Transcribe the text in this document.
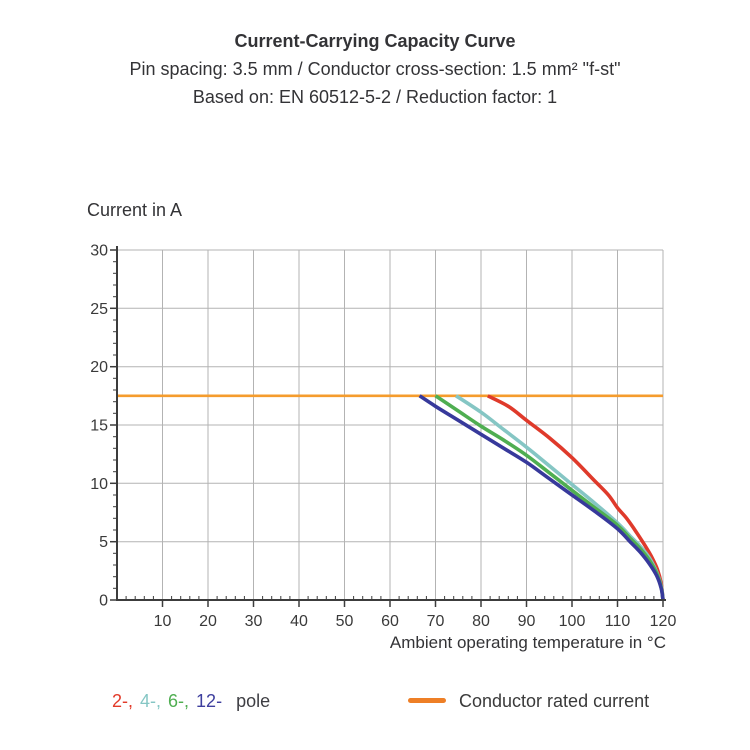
Current-Carrying Capacity Curve
Pin spacing: 3.5 mm / Conductor cross-section: 1.5 mm² "f-st"
Based on: EN 60512-5-2 / Reduction factor: 1
Current in A
10 20 30 40 50 60 70 80 90 100 110 120
0
5
10
15
20
25
30
Ambient operating temperature in °C
2-, 4-, 6-, 12- pole	Conductor rated current
